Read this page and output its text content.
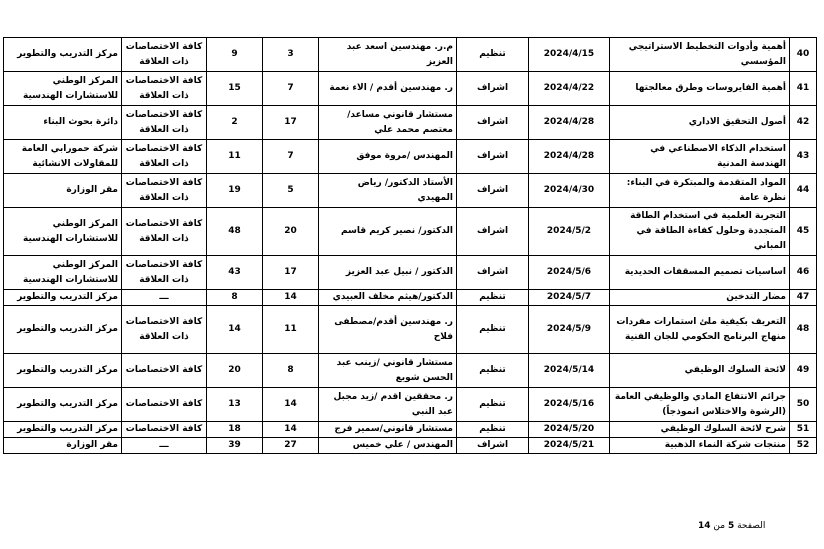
40	أهمية وأدوات التخطيط الاستراتيجي المؤسسي	2024/4/15	تنظيم	م.ر. مهندسين اسعد عبد العزيز	3	9	كافة الاختصاصات ذات العلاقة	مركز التدريب والتطوير
41	أهمية الفايروسات وطرق معالجتها	2024/4/22	اشراف	ر. مهندسين أقدم / الاء نعمة	7	15	كافة الاختصاصات ذات العلاقة	المركز الوطني للاستشارات الهندسية
42	أصول التحقيق الاداري	2024/4/28	اشراف	مستشار قانوني مساعد/معتصم محمد علي	17	2	كافة الاختصاصات ذات العلاقة	دائرة بحوث البناء
43	استخدام الذكاء الاصطناعي في الهندسة المدنية	2024/4/28	اشراف	المهندس /مروة موفق	7	11	كافة الاختصاصات ذات العلاقة	شركة حمورابي العامة للمقاولات الانشائية
44	المواد المتقدمة والمبتكرة في البناء: نظرة عامة	2024/4/30	اشراف	الأستاذ الدكتور/ رياض المهيدي	5	19	كافة الاختصاصات ذات العلاقة	مقر الوزارة
45	التجربة العلمية في استخدام الطاقة المتجددة وحلول كفاءة الطاقة في المباني	2024/5/2	اشراف	الدكتور/ نصير كريم قاسم	20	48	كافة الاختصاصات ذات العلاقة	المركز الوطني للاستشارات الهندسية
46	اساسيات تصميم المسقفات الحديدية	2024/5/6	اشراف	الدكتور / نبيل عبد العزيز	17	43	كافة الاختصاصات ذات العلاقة	المركز الوطني للاستشارات الهندسية
47	مضار التدخين	2024/5/7	تنظيم	الدكتور/هيثم مخلف العبيدي	14	8	ـــ	مركز التدريب والتطوير
48	التعريف بكيفية ملئ استمارات مفردات منهاج البرنامج الحكومي للجان الفنية	2024/5/9	تنظيم	ر. مهندسين أقدم/مصطفى فلاح	11	14	كافة الاختصاصات ذات العلاقة	مركز التدريب والتطوير
49	لائحة السلوك الوظيفي	2024/5/14	تنظيم	مستشار قانوني /زينب عبد الحسن شويع	8	20	كافة الاختصاصات	مركز التدريب والتطوير
50	جرائم الانتفاع المادي والوظيفي العامة (الرشوة والاختلاس انموذجاً)	2024/5/16	تنظيم	ر. محققين اقدم /زيد مجبل عبد النبي	14	13	كافة الاختصاصات	مركز التدريب والتطوير
51	شرح لائحة السلوك الوظيفي	2024/5/20	تنظيم	مستشار قانوني/سمير فرج	14	18	كافة الاختصاصات	مركز التدريب والتطوير
52	منتجات شركة النماء الذهبية	2024/5/21	اشراف	المهندس / علي خميس	27	39	ـــ	مقر الوزارة
الصفحة 5 من 14
